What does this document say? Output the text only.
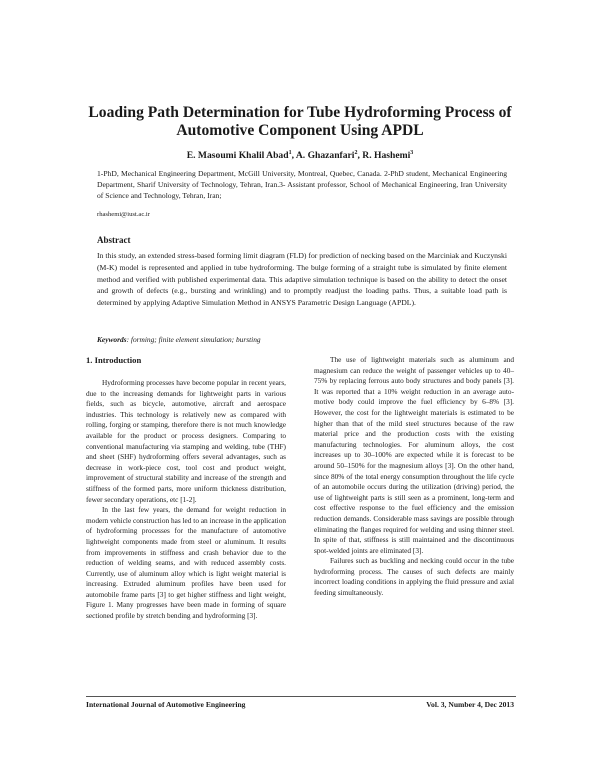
Loading Path Determination for Tube Hydroforming Process of Automotive Component Using APDL
E. Masoumi Khalil Abad$^1$, A. Ghazanfari$^2$, R. Hashemi$^3$
1-PhD, Mechanical Engineering Department, McGill University, Montreal, Quebec, Canada. 2-PhD student, Mechanical Engineering Department, Sharif University of Technology, Tehran, Iran.3- Assistant professor, School of Mechanical Engineering, Iran University of Science and Technology, Tehran, Iran;
rhashemi@iust.ac.ir
Abstract
In this study, an extended stress-based forming limit diagram (FLD) for prediction of necking based on the Marciniak and Kuczynski (M-K) model is represented and applied in tube hydroforming. The bulge forming of a straight tube is simulated by finite element method and verified with published experimental data. This adaptive simulation technique is based on the ability to detect the onset and growth of defects (e.g., bursting and wrinkling) and to promptly readjust the loading paths. Thus, a suitable load path is determined by applying Adaptive Simulation Method in ANSYS Parametric Design Language (APDL).
Keywords: forming; finite element simulation; bursting
1. Introduction

Hydroforming processes have become popular in recent years, due to the increasing demands for lightweight parts in various fields, such as bicycle, automotive, aircraft and aerospace industries. This technology is relatively new as compared with rolling, forging or stamping, therefore there is not much knowledge available for the product or process designers. Comparing to conventional manufacturing via stamping and welding, tube (THF) and sheet (SHF) hydroforming offers several advantages, such as decrease in work-piece cost, tool cost and product weight, improvement of structural stability and increase of the strength and stiffness of the formed parts, more uniform thickness distribution, fewer secondary operations, etc [1-2].

In the last few years, the demand for weight reduction in modern vehicle construction has led to an increase in the application of hydroforming processes for the manufacture of automotive lightweight components made from steel or aluminum. It results from improvements in stiffness and crash behavior due to the reduction of welding seams, and with reduced assembly costs. Currently, use of aluminum alloy which is light weight material is increasing. Extruded aluminum profiles have been used for automobile frame parts [3] to get higher stiffness and light weight, Figure 1. Many progresses have been made in forming of square sectioned profile by stretch bending and hydroforming [3].

The use of lightweight materials such as aluminum and magnesium can reduce the weight of passenger vehicles up to 40–75% by replacing ferrous auto body structures and body panels [3]. It was reported that a 10% weight reduction in an average auto-motive body could improve the fuel efficiency by 6–8% [3]. However, the cost for the lightweight materials is estimated to be higher than that of the mild steel structures because of the raw material price and the production costs with the existing manufacturing technologies. For aluminum alloys, the cost increases up to 30–100% are expected while it is forecast to be around 50–150% for the magnesium alloys [3]. On the other hand, since 80% of the total energy consumption throughout the life cycle of an automobile occurs during the utilization (driving) period, the use of lightweight parts is still seen as a prominent, long-term and cost effective response to the fuel efficiency and the emission reduction demands. Considerable mass savings are possible through eliminating the flanges required for welding and using thinner steel. In spite of that, stiffness is still maintained and the discontinuous spot-welded joints are eliminated [3].

Failures such as buckling and necking could occur in the tube hydroforming process. The causes of such defects are mainly incorrect loading conditions in applying the fluid pressure and axial feeding simultaneously.

International Journal of Automotive Engineering	Vol. 3, Number 4, Dec 2013
